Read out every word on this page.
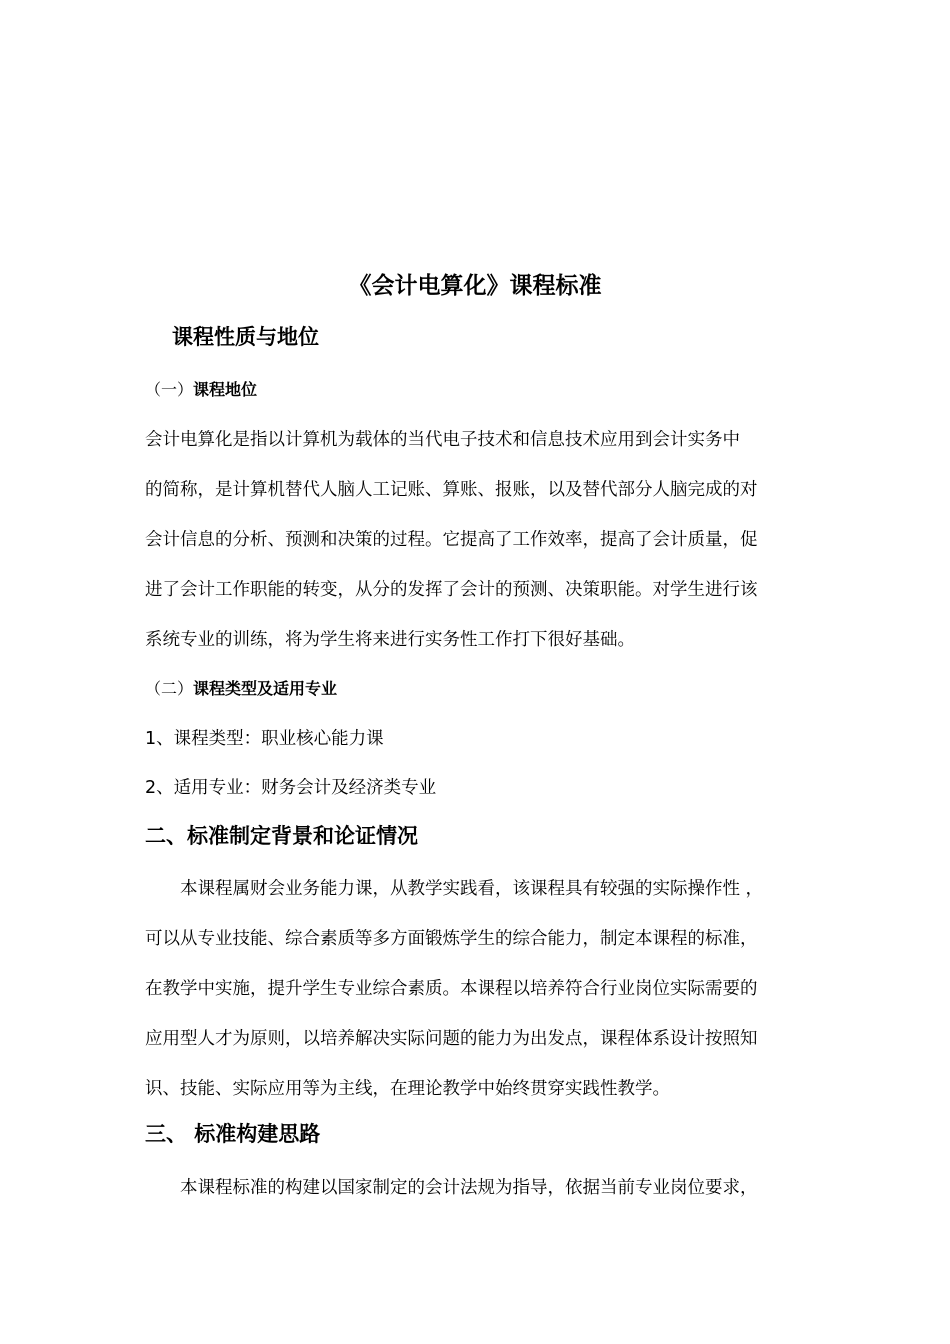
《会计电算化》课程标准
课程性质与地位
（一）课程地位
会计电算化是指以计算机为载体的当代电子技术和信息技术应用到会计实务中
的简称，是计算机替代人脑人工记账、算账、报账，以及替代部分人脑完成的对
会计信息的分析、预测和决策的过程。它提高了工作效率，提高了会计质量，促
进了会计工作职能的转变，从分的发挥了会计的预测、决策职能。对学生进行该
系统专业的训练，将为学生将来进行实务性工作打下很好基础。
（二）课程类型及适用专业
1、课程类型：职业核心能力课
2、适用专业：财务会计及经济类专业
二、标准制定背景和论证情况
　　本课程属财会业务能力课，从教学实践看，该课程具有较强的实际操作性 ，
可以从专业技能、综合素质等多方面锻炼学生的综合能力，制定本课程的标准，
在教学中实施，提升学生专业综合素质。本课程以培养符合行业岗位实际需要的
应用型人才为原则，以培养解决实际问题的能力为出发点，课程体系设计按照知
识、技能、实际应用等为主线，在理论教学中始终贯穿实践性教学。
三、 标准构建思路
　　本课程标准的构建以国家制定的会计法规为指导，依据当前专业岗位要求，
